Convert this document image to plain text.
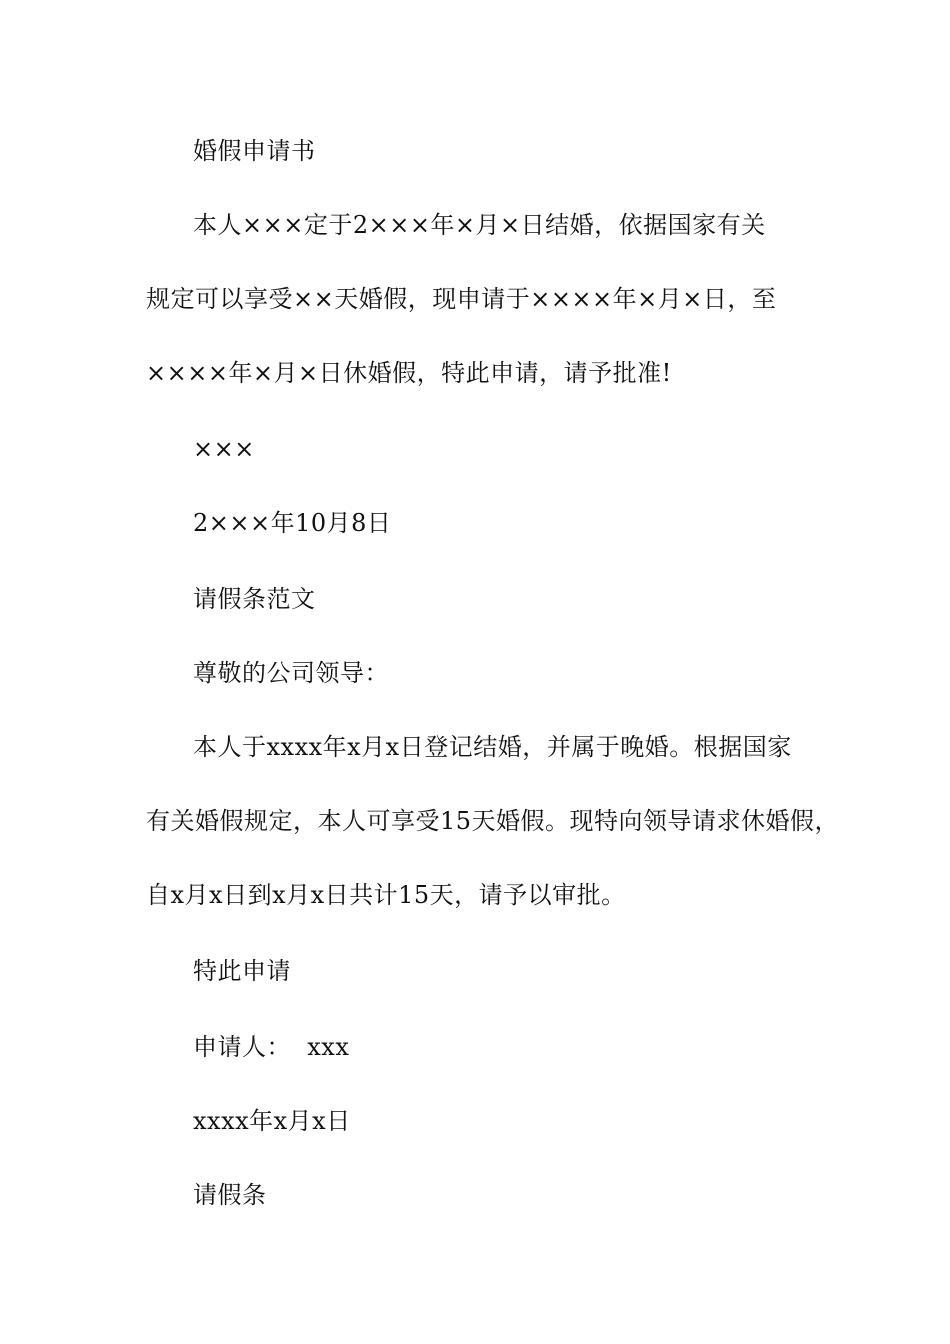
婚假申请书
本人×××定于2×××年×月×日结婚，依据国家有关
规定可以享受××天婚假，现申请于××××年×月×日，至
××××年×月×日休婚假，特此申请，请予批准!
×××
2×××年10月8日
请假条范文
尊敬的公司领导：
本人于xxxx年x月x日登记结婚，并属于晚婚。根据国家
有关婚假规定，本人可享受15天婚假。现特向领导请求休婚假，
自x月x日到x月x日共计15天，请予以审批。
特此申请
申请人：  xxx
xxxx年x月x日
请假条
